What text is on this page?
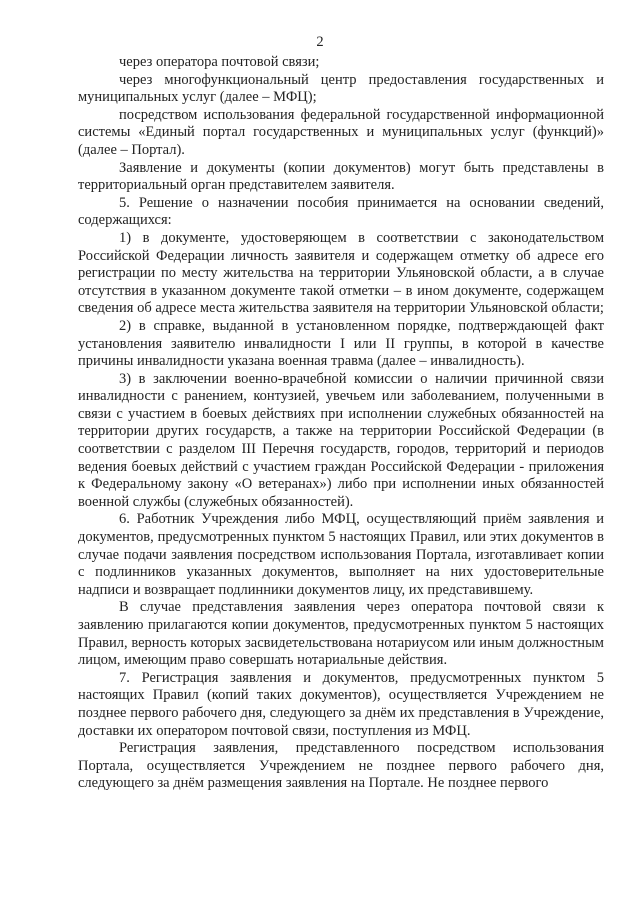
2

через оператора почтовой связи;

через многофункциональный центр предоставления государственных и муниципальных услуг (далее – МФЦ);

посредством использования федеральной государственной информационной системы «Единый портал государственных и муниципальных услуг (функций)» (далее – Портал).

Заявление и документы (копии документов) могут быть представлены в территориальный орган представителем заявителя.

5. Решение о назначении пособия принимается на основании сведений, содержащихся:

1) в документе, удостоверяющем в соответствии с законодательством Российской Федерации личность заявителя и содержащем отметку об адресе его регистрации по месту жительства на территории Ульяновской области, а в случае отсутствия в указанном документе такой отметки – в ином документе, содержащем сведения об адресе места жительства заявителя на территории Ульяновской области;

2) в справке, выданной в установленном порядке, подтверждающей факт установления заявителю инвалидности I или II группы, в которой в качестве причины инвалидности указана военная травма (далее – инвалидность).

3) в заключении военно-врачебной комиссии о наличии причинной связи инвалидности с ранением, контузией, увечьем или заболеванием, полученными в связи с участием в боевых действиях при исполнении служебных обязанностей на территории других государств, а также на территории Российской Федерации (в соответствии с разделом III Перечня государств, городов, территорий и периодов ведения боевых действий с участием граждан Российской Федерации - приложения к Федеральному закону «О ветеранах») либо при исполнении иных обязанностей военной службы (служебных обязанностей).

6. Работник Учреждения либо МФЦ, осуществляющий приём заявления и документов, предусмотренных пунктом 5 настоящих Правил, или этих документов в случае подачи заявления посредством использования Портала, изготавливает копии с подлинников указанных документов, выполняет на них удостоверительные надписи и возвращает подлинники документов лицу, их представившему.

В случае представления заявления через оператора почтовой связи к заявлению прилагаются копии документов, предусмотренных пунктом 5 настоящих Правил, верность которых засвидетельствована нотариусом или иным должностным лицом, имеющим право совершать нотариальные действия.

7. Регистрация заявления и документов, предусмотренных пунктом 5 настоящих Правил (копий таких документов), осуществляется Учреждением не позднее первого рабочего дня, следующего за днём их представления в Учреждение, доставки их оператором почтовой связи, поступления из МФЦ.

Регистрация заявления, представленного посредством использования Портала, осуществляется Учреждением не позднее первого рабочего дня, следующего за днём размещения заявления на Портале. Не позднее первого
